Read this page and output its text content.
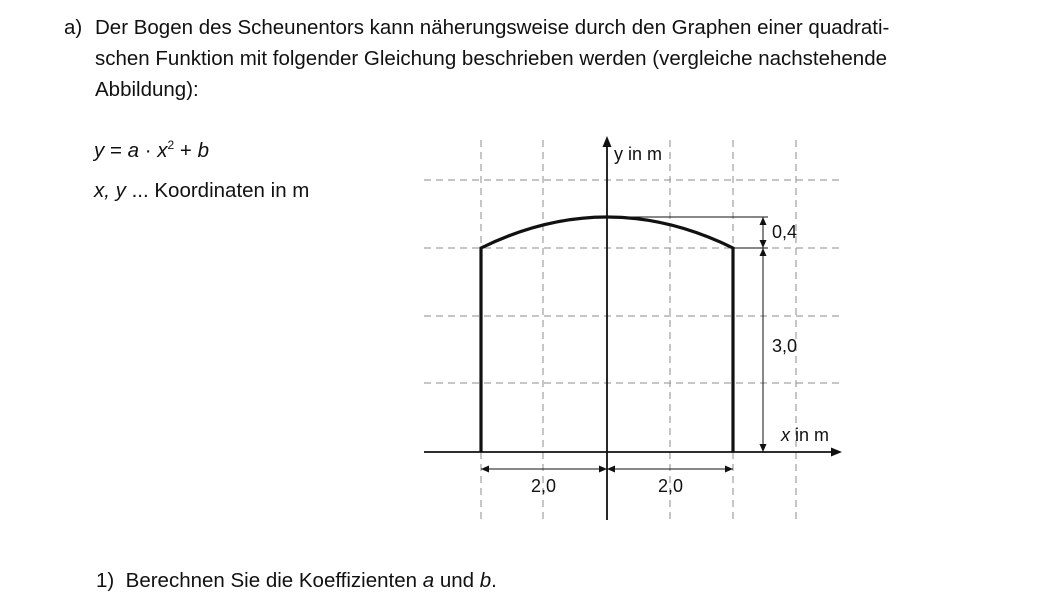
a) Der Bogen des Scheunentors kann näherungsweise durch den Graphen einer quadrati-
schen Funktion mit folgender Gleichung beschrieben werden (vergleiche nachstehende
Abbildung):
$y = a \cdot x^2 + b$
x, y ... Koordinaten in m
y in m
x in m
0,4
3,0
2,0	2,0
1) Berechnen Sie die Koeffizienten a und b.
